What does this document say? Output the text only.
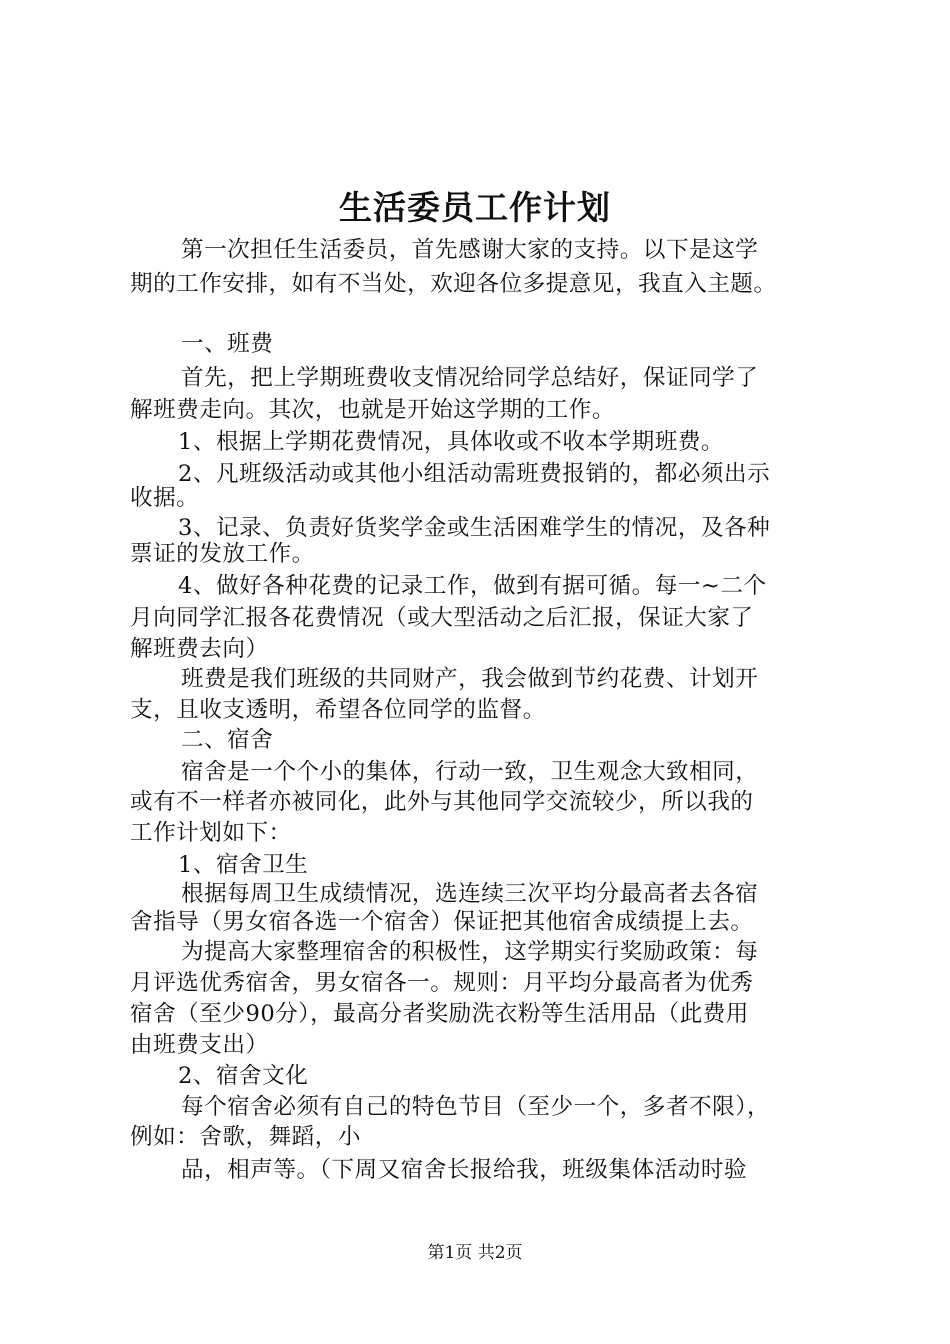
生活委员工作计划
第一次担任生活委员，首先感谢大家的支持。以下是这学
期的工作安排，如有不当处，欢迎各位多提意见，我直入主题。
一、班费
首先，把上学期班费收支情况给同学总结好，保证同学了
解班费走向。其次，也就是开始这学期的工作。
1、根据上学期花费情况，具体收或不收本学期班费。
2、凡班级活动或其他小组活动需班费报销的，都必须出示
收据。
3、记录、负责好货奖学金或生活困难学生的情况，及各种
票证的发放工作。
4、做好各种花费的记录工作，做到有据可循。每一~二个
月向同学汇报各花费情况（或大型活动之后汇报，保证大家了
解班费去向）
班费是我们班级的共同财产，我会做到节约花费、计划开
支，且收支透明，希望各位同学的监督。
二、宿舍
宿舍是一个个小的集体，行动一致，卫生观念大致相同，
或有不一样者亦被同化，此外与其他同学交流较少，所以我的
工作计划如下：
1、宿舍卫生
根据每周卫生成绩情况，选连续三次平均分最高者去各宿
舍指导（男女宿各选一个宿舍）保证把其他宿舍成绩提上去。
为提高大家整理宿舍的积极性，这学期实行奖励政策：每
月评选优秀宿舍，男女宿各一。规则：月平均分最高者为优秀
宿舍（至少90分），最高分者奖励洗衣粉等生活用品（此费用
由班费支出）
2、宿舍文化
每个宿舍必须有自己的特色节目（至少一个，多者不限），
例如：舍歌，舞蹈，小
品，相声等。（下周又宿舍长报给我，班级集体活动时验
第1页 共2页
